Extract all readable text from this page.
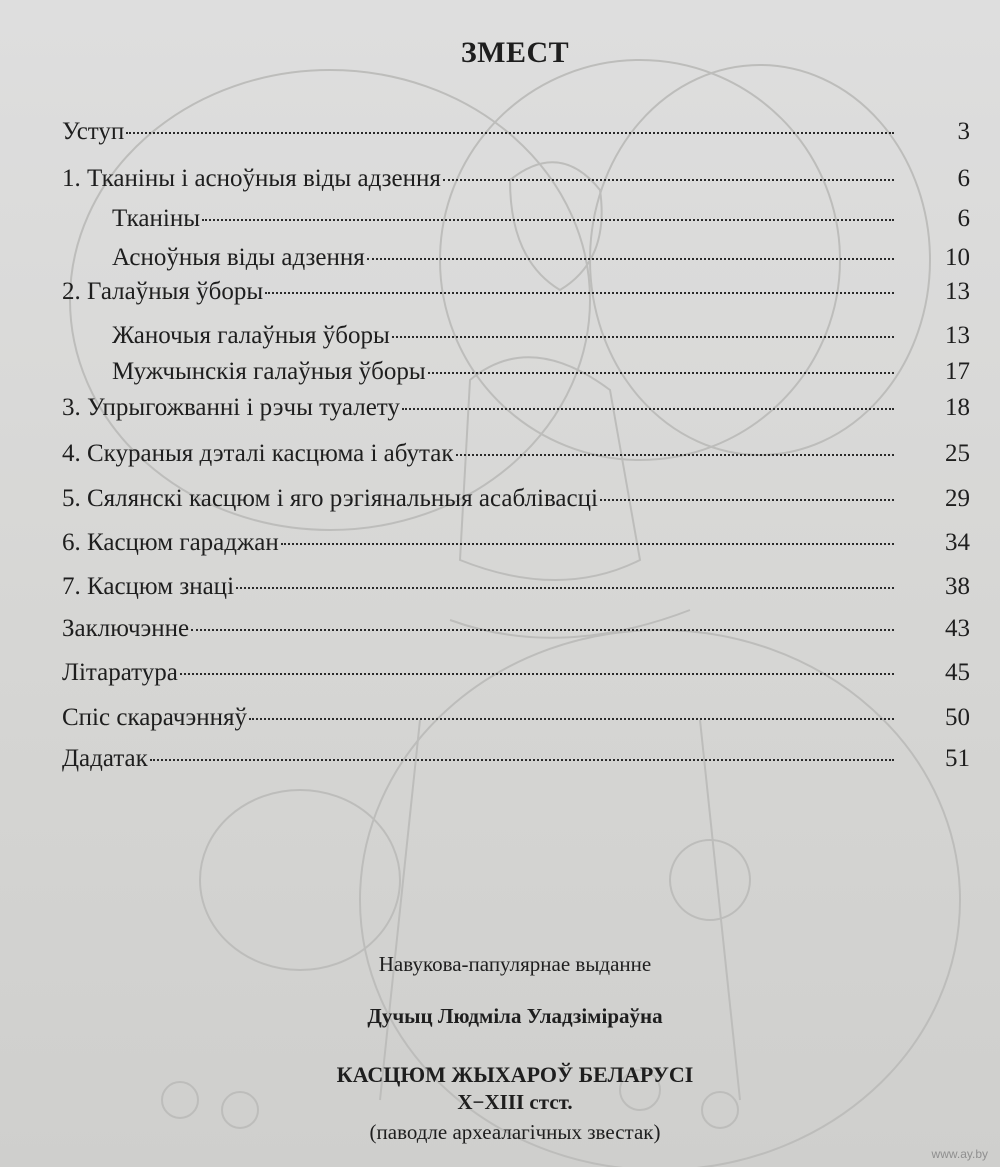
ЗМЕСТ
Уступ	3
1. Тканіны і асноўныя віды адзення	6
Тканіны	6
Асноўныя віды адзення	10
2. Галаўныя ўборы	13
Жаночыя галаўныя ўборы	13
Мужчынскія галаўныя ўборы	17
3. Упрыгожванні і рэчы туалету	18
4. Скураныя дэталі касцюма і абутак	25
5. Сялянскі касцюм і яго рэгіянальныя асаблівасці	29
6. Касцюм гараджан	34
7. Касцюм знаці	38
Заключэнне	43
Літаратура	45
Спіс скарачэнняў	50
Дадатак	51
Навукова-папулярнае выданне
Дучыц Людміла Уладзіміраўна
КАСЦЮМ ЖЫХАРОЎ БЕЛАРУСІ
X−XIII стст.
(паводле археалагічных звестак)
www.ay.by
